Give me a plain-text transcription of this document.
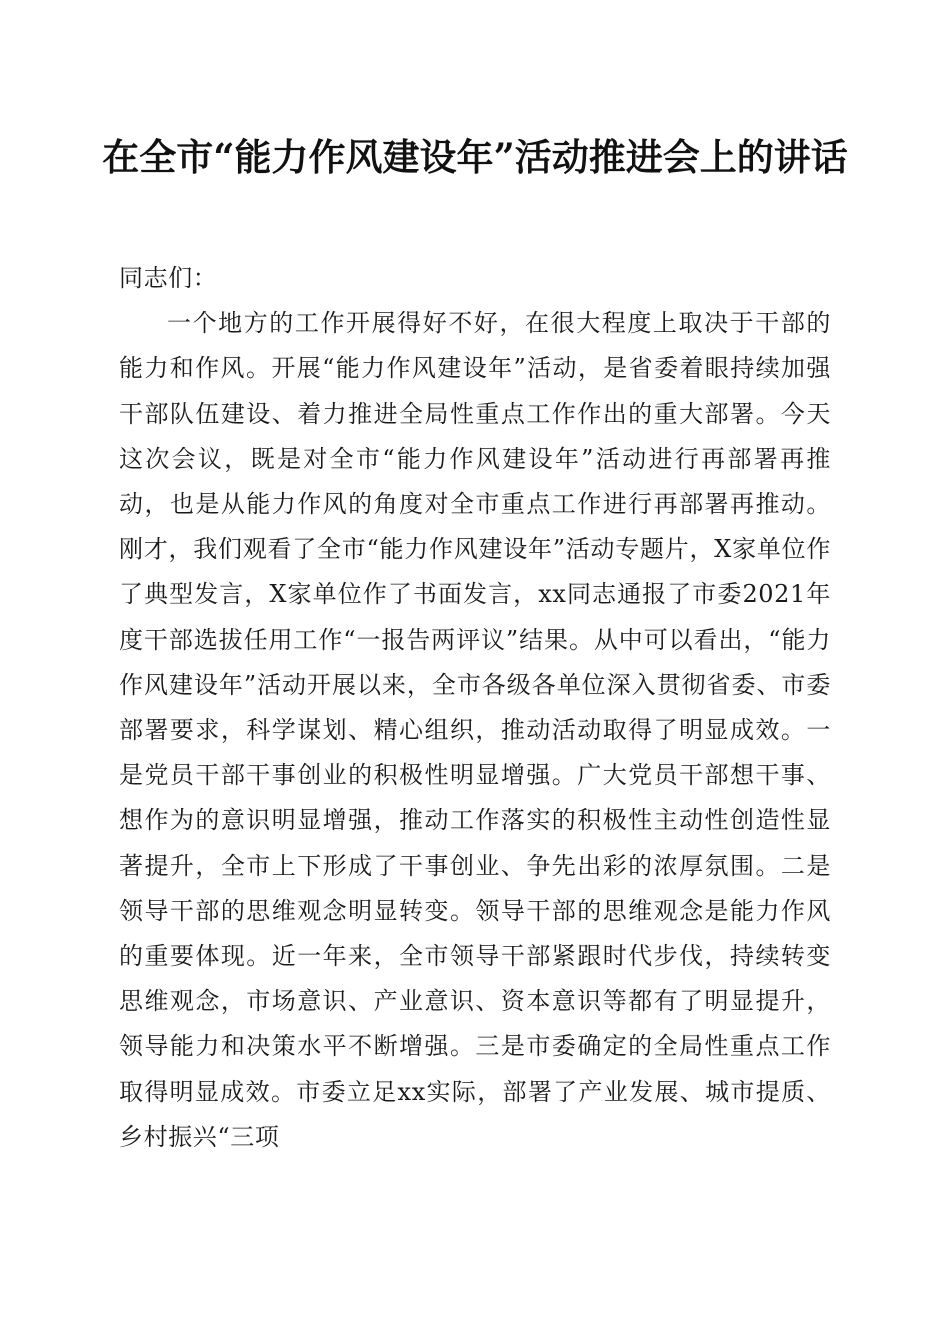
在全市“能力作风建设年”活动推进会上的讲话

同志们：

一个地方的工作开展得好不好，在很大程度上取决于干部的能力和作风。开展“能力作风建设年”活动，是省委着眼持续加强干部队伍建设、着力推进全局性重点工作作出的重大部署。今天这次会议，既是对全市“能力作风建设年”活动进行再部署再推动，也是从能力作风的角度对全市重点工作进行再部署再推动。刚才，我们观看了全市“能力作风建设年”活动专题片，X家单位作了典型发言，X家单位作了书面发言，xx同志通报了市委2021年度干部选拔任用工作“一报告两评议”结果。从中可以看出，“能力作风建设年”活动开展以来，全市各级各单位深入贯彻省委、市委部署要求，科学谋划、精心组织，推动活动取得了明显成效。一是党员干部干事创业的积极性明显增强。广大党员干部想干事、想作为的意识明显增强，推动工作落实的积极性主动性创造性显著提升，全市上下形成了干事创业、争先出彩的浓厚氛围。二是领导干部的思维观念明显转变。领导干部的思维观念是能力作风的重要体现。近一年来，全市领导干部紧跟时代步伐，持续转变思维观念，市场意识、产业意识、资本意识等都有了明显提升，领导能力和决策水平不断增强。三是市委确定的全局性重点工作取得明显成效。市委立足xx实际，部署了产业发展、城市提质、乡村振兴“三项
